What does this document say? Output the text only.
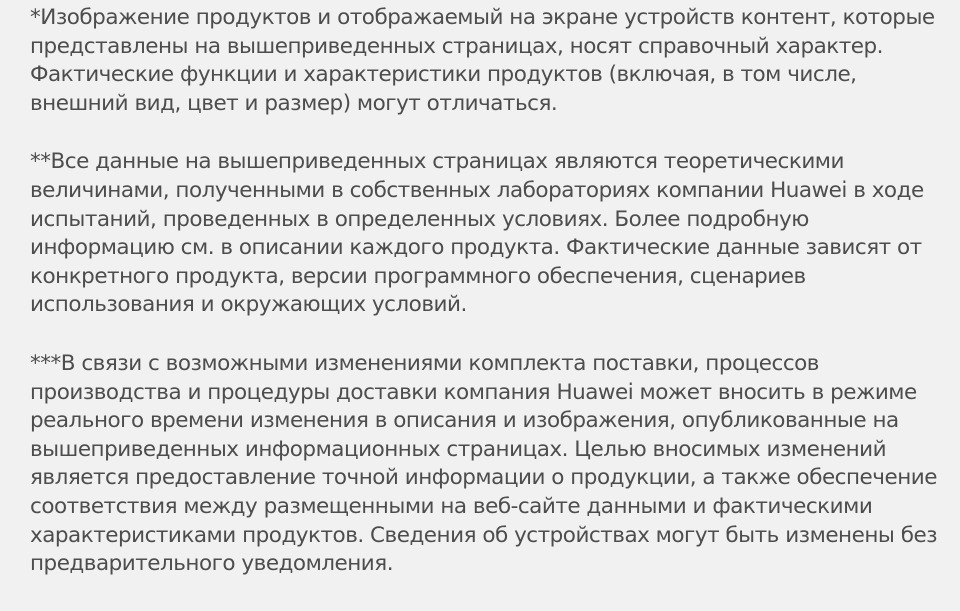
*Изображение продуктов и отображаемый на экране устройств контент, которые представлены на вышеприведенных страницах, носят справочный характер. Фактические функции и характеристики продуктов (включая, в том числе, внешний вид, цвет и размер) могут отличаться.

**Все данные на вышеприведенных страницах являются теоретическими величинами, полученными в собственных лабораториях компании Huawei в ходе испытаний, проведенных в определенных условиях. Более подробную информацию см. в описании каждого продукта. Фактические данные зависят от конкретного продукта, версии программного обеспечения, сценариев использования и окружающих условий.

***В связи с возможными изменениями комплекта поставки, процессов производства и процедуры доставки компания Huawei может вносить в режиме реального времени изменения в описания и изображения, опубликованные на вышеприведенных информационных страницах. Целью вносимых изменений является предоставление точной информации о продукции, а также обеспечение соответствия между размещенными на веб-сайте данными и фактическими характеристиками продуктов. Сведения об устройствах могут быть изменены без предварительного уведомления.
